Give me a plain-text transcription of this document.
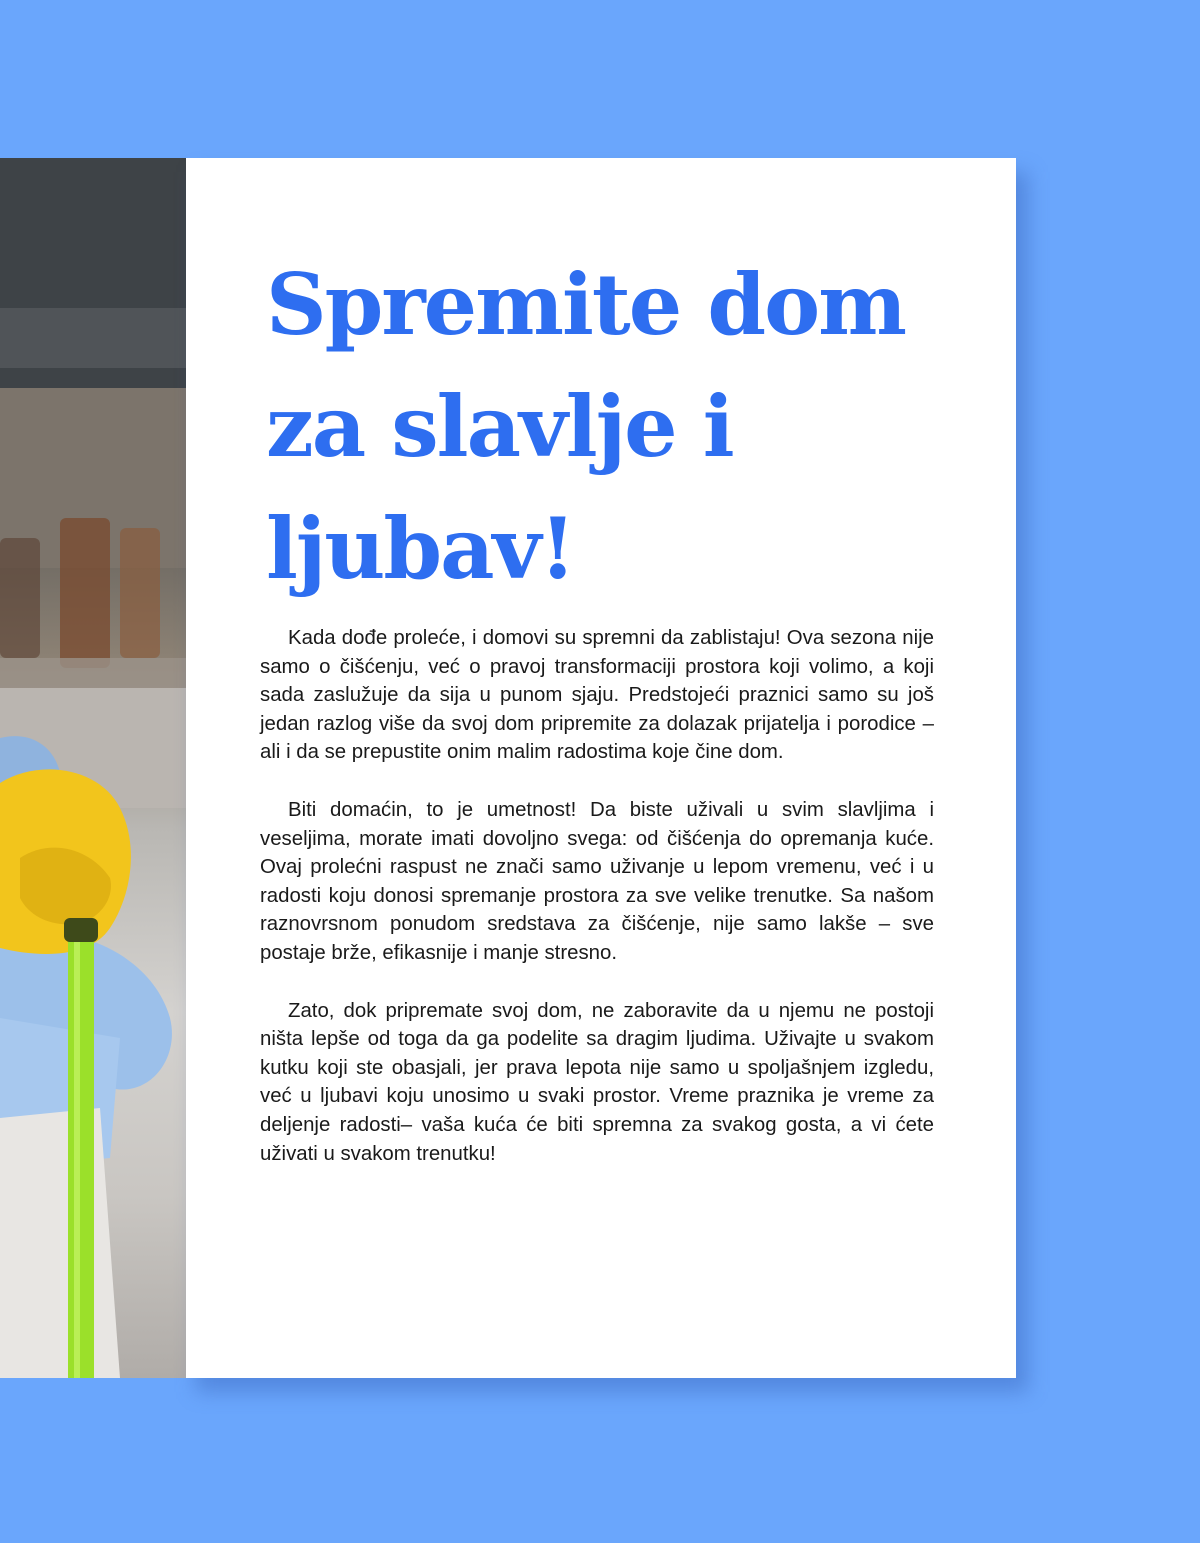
Spremite dom za slavlje i ljubav!

Kada dođe proleće, i domovi su spremni da zablistaju! Ova sezona nije samo o čišćenju, već o pravoj transformaciji prostora koji volimo, a koji sada zaslužuje da sija u punom sjaju. Predstojeći praznici samo su još jedan razlog više da svoj dom pripremite za dolazak prijatelja i porodice – ali i da se prepustite onim malim radostima koje čine dom.

Biti domaćin, to je umetnost! Da biste uživali u svim slavljima i veseljima, morate imati dovoljno svega: od čišćenja do opremanja kuće. Ovaj prolećni raspust ne znači samo uživanje u lepom vremenu, već i u radosti koju donosi spremanje prostora za sve velike trenutke. Sa našom raznovrsnom ponudom sredstava za čišćenje, nije samo lakše – sve postaje brže, efikasnije i manje stresno.

Zato, dok pripremate svoj dom, ne zaboravite da u njemu ne postoji ništa lepše od toga da ga podelite sa dragim ljudima. Uživajte u svakom kutku koji ste obasjali, jer prava lepota nije samo u spoljašnjem izgledu, već u ljubavi koju unosimo u svaki prostor. Vreme praznika je vreme za deljenje radosti– vaša kuća će biti spremna za svakog gosta, a vi ćete uživati u svakom trenutku!
